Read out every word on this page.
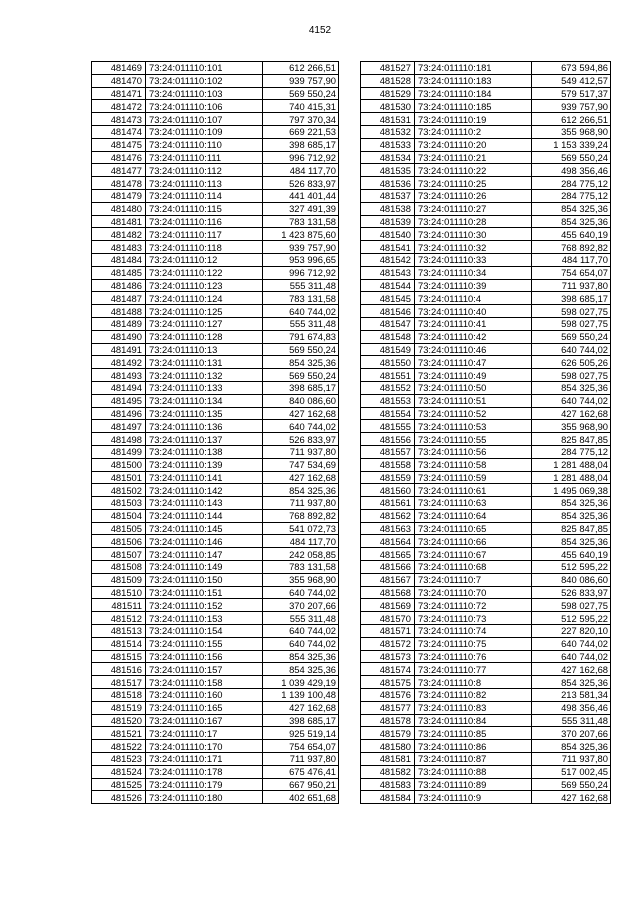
4152
481469	73:24:011110:101	612 266,51
481470	73:24:011110:102	939 757,90
481471	73:24:011110:103	569 550,24
481472	73:24:011110:106	740 415,31
481473	73:24:011110:107	797 370,34
481474	73:24:011110:109	669 221,53
481475	73:24:011110:110	398 685,17
481476	73:24:011110:111	996 712,92
481477	73:24:011110:112	484 117,70
481478	73:24:011110:113	526 833,97
481479	73:24:011110:114	441 401,44
481480	73:24:011110:115	327 491,39
481481	73:24:011110:116	783 131,58
481482	73:24:011110:117	1 423 875,60
481483	73:24:011110:118	939 757,90
481484	73:24:011110:12	953 996,65
481485	73:24:011110:122	996 712,92
481486	73:24:011110:123	555 311,48
481487	73:24:011110:124	783 131,58
481488	73:24:011110:125	640 744,02
481489	73:24:011110:127	555 311,48
481490	73:24:011110:128	791 674,83
481491	73:24:011110:13	569 550,24
481492	73:24:011110:131	854 325,36
481493	73:24:011110:132	569 550,24
481494	73:24:011110:133	398 685,17
481495	73:24:011110:134	840 086,60
481496	73:24:011110:135	427 162,68
481497	73:24:011110:136	640 744,02
481498	73:24:011110:137	526 833,97
481499	73:24:011110:138	711 937,80
481500	73:24:011110:139	747 534,69
481501	73:24:011110:141	427 162,68
481502	73:24:011110:142	854 325,36
481503	73:24:011110:143	711 937,80
481504	73:24:011110:144	768 892,82
481505	73:24:011110:145	541 072,73
481506	73:24:011110:146	484 117,70
481507	73:24:011110:147	242 058,85
481508	73:24:011110:149	783 131,58
481509	73:24:011110:150	355 968,90
481510	73:24:011110:151	640 744,02
481511	73:24:011110:152	370 207,66
481512	73:24:011110:153	555 311,48
481513	73:24:011110:154	640 744,02
481514	73:24:011110:155	640 744,02
481515	73:24:011110:156	854 325,36
481516	73:24:011110:157	854 325,36
481517	73:24:011110:158	1 039 429,19
481518	73:24:011110:160	1 139 100,48
481519	73:24:011110:165	427 162,68
481520	73:24:011110:167	398 685,17
481521	73:24:011110:17	925 519,14
481522	73:24:011110:170	754 654,07
481523	73:24:011110:171	711 937,80
481524	73:24:011110:178	675 476,41
481525	73:24:011110:179	667 950,21
481526	73:24:011110:180	402 651,68
481527	73:24:011110:181	673 594,86
481528	73:24:011110:183	549 412,57
481529	73:24:011110:184	579 517,37
481530	73:24:011110:185	939 757,90
481531	73:24:011110:19	612 266,51
481532	73:24:011110:2	355 968,90
481533	73:24:011110:20	1 153 339,24
481534	73:24:011110:21	569 550,24
481535	73:24:011110:22	498 356,46
481536	73:24:011110:25	284 775,12
481537	73:24:011110:26	284 775,12
481538	73:24:011110:27	854 325,36
481539	73:24:011110:28	854 325,36
481540	73:24:011110:30	455 640,19
481541	73:24:011110:32	768 892,82
481542	73:24:011110:33	484 117,70
481543	73:24:011110:34	754 654,07
481544	73:24:011110:39	711 937,80
481545	73:24:011110:4	398 685,17
481546	73:24:011110:40	598 027,75
481547	73:24:011110:41	598 027,75
481548	73:24:011110:42	569 550,24
481549	73:24:011110:46	640 744,02
481550	73:24:011110:47	626 505,26
481551	73:24:011110:49	598 027,75
481552	73:24:011110:50	854 325,36
481553	73:24:011110:51	640 744,02
481554	73:24:011110:52	427 162,68
481555	73:24:011110:53	355 968,90
481556	73:24:011110:55	825 847,85
481557	73:24:011110:56	284 775,12
481558	73:24:011110:58	1 281 488,04
481559	73:24:011110:59	1 281 488,04
481560	73:24:011110:61	1 495 069,38
481561	73:24:011110:63	854 325,36
481562	73:24:011110:64	854 325,36
481563	73:24:011110:65	825 847,85
481564	73:24:011110:66	854 325,36
481565	73:24:011110:67	455 640,19
481566	73:24:011110:68	512 595,22
481567	73:24:011110:7	840 086,60
481568	73:24:011110:70	526 833,97
481569	73:24:011110:72	598 027,75
481570	73:24:011110:73	512 595,22
481571	73:24:011110:74	227 820,10
481572	73:24:011110:75	640 744,02
481573	73:24:011110:76	640 744,02
481574	73:24:011110:77	427 162,68
481575	73:24:011110:8	854 325,36
481576	73:24:011110:82	213 581,34
481577	73:24:011110:83	498 356,46
481578	73:24:011110:84	555 311,48
481579	73:24:011110:85	370 207,66
481580	73:24:011110:86	854 325,36
481581	73:24:011110:87	711 937,80
481582	73:24:011110:88	517 002,45
481583	73:24:011110:89	569 550,24
481584	73:24:011110:9	427 162,68
